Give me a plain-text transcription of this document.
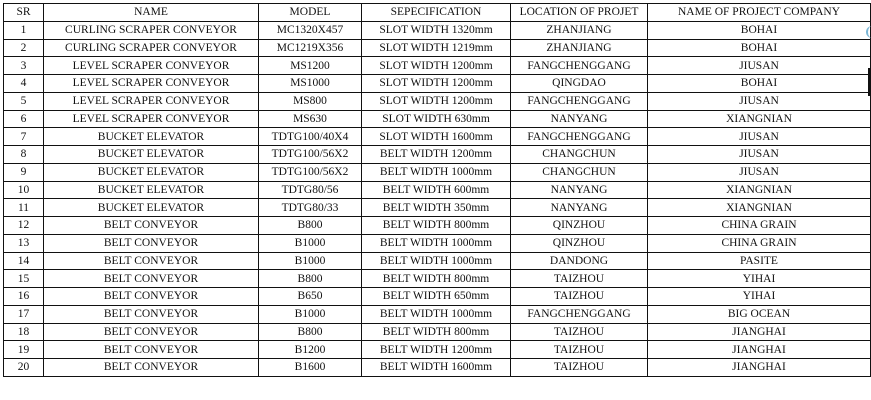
SR	NAME	MODEL	SEPECIFICATION	LOCATION OF PROJET	NAME OF PROJECT COMPANY
1	CURLING SCRAPER CONVEYOR	MC1320X457	SLOT WIDTH 1320mm	ZHANJIANG	BOHAI
2	CURLING SCRAPER CONVEYOR	MC1219X356	SLOT WIDTH 1219mm	ZHANJIANG	BOHAI
3	LEVEL SCRAPER CONVEYOR	MS1200	SLOT WIDTH 1200mm	FANGCHENGGANG	JIUSAN
4	LEVEL SCRAPER CONVEYOR	MS1000	SLOT WIDTH 1200mm	QINGDAO	BOHAI
5	LEVEL SCRAPER CONVEYOR	MS800	SLOT WIDTH 1200mm	FANGCHENGGANG	JIUSAN
6	LEVEL SCRAPER CONVEYOR	MS630	SLOT WIDTH 630mm	NANYANG	XIANGNIAN
7	BUCKET ELEVATOR	TDTG100/40X4	SLOT WIDTH 1600mm	FANGCHENGGANG	JIUSAN
8	BUCKET ELEVATOR	TDTG100/56X2	BELT WIDTH 1200mm	CHANGCHUN	JIUSAN
9	BUCKET ELEVATOR	TDTG100/56X2	BELT WIDTH 1000mm	CHANGCHUN	JIUSAN
10	BUCKET ELEVATOR	TDTG80/56	BELT WIDTH 600mm	NANYANG	XIANGNIAN
11	BUCKET ELEVATOR	TDTG80/33	BELT WIDTH 350mm	NANYANG	XIANGNIAN
12	BELT CONVEYOR	B800	BELT WIDTH 800mm	QINZHOU	CHINA GRAIN
13	BELT CONVEYOR	B1000	BELT WIDTH 1000mm	QINZHOU	CHINA GRAIN
14	BELT CONVEYOR	B1000	BELT WIDTH 1000mm	DANDONG	PASITE
15	BELT CONVEYOR	B800	BELT WIDTH 800mm	TAIZHOU	YIHAI
16	BELT CONVEYOR	B650	BELT WIDTH 650mm	TAIZHOU	YIHAI
17	BELT CONVEYOR	B1000	BELT WIDTH 1000mm	FANGCHENGGANG	BIG OCEAN
18	BELT CONVEYOR	B800	BELT WIDTH 800mm	TAIZHOU	JIANGHAI
19	BELT CONVEYOR	B1200	BELT WIDTH 1200mm	TAIZHOU	JIANGHAI
20	BELT CONVEYOR	B1600	BELT WIDTH 1600mm	TAIZHOU	JIANGHAI
